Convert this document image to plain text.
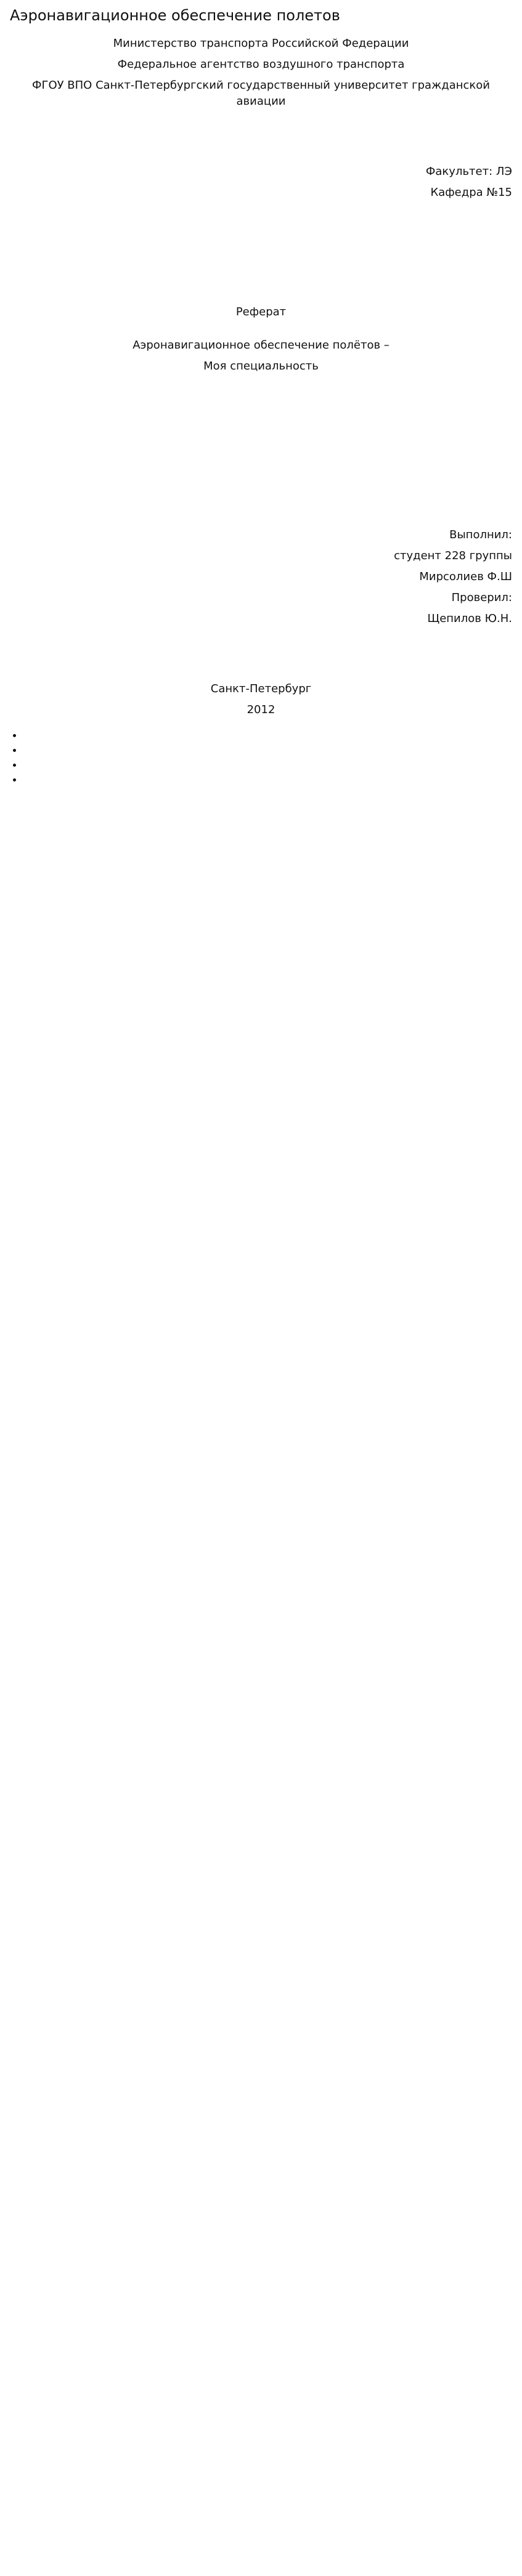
Аэронавигационное обеспечение полетов
Министерство транспорта Российской Федерации
Федеральное агентство воздушного транспорта
ФГОУ ВПО Санкт-Петербургский государственный университет гражданской авиации
Факультет: ЛЭ
Кафедра №15
Реферат
Аэронавигационное обеспечение полётов –
Моя специальность
Выполнил:
студент 228 группы
Мирсолиев Ф.Ш
Проверил:
Щепилов Ю.Н.
Санкт-Петербург
2012

•
•
•
•
